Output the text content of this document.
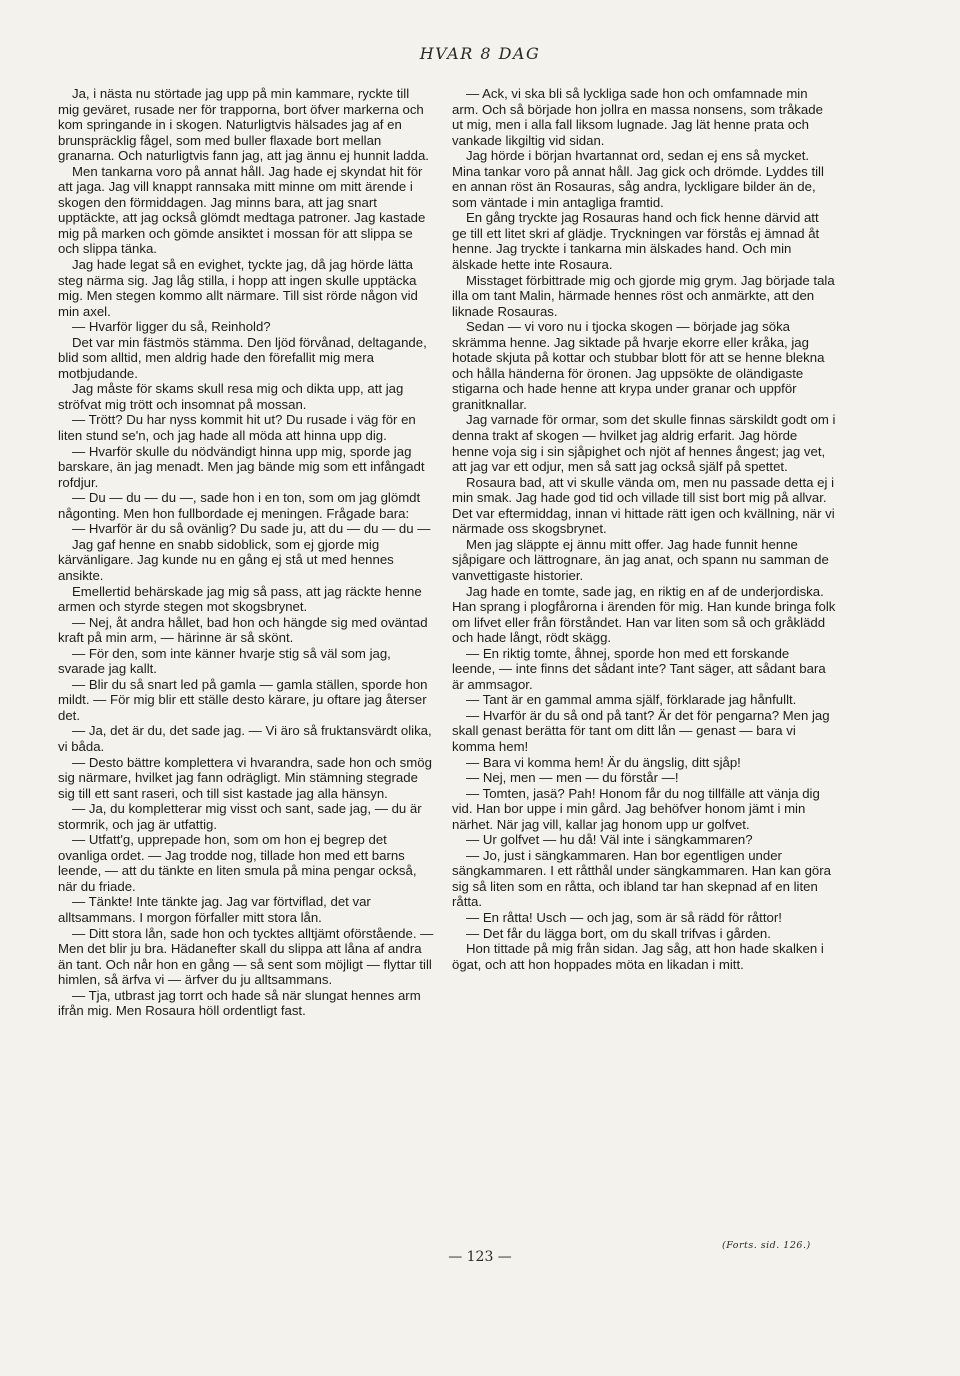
HVAR 8 DAG

Ja, i nästa nu störtade jag upp på min kammare, ryckte till mig geväret, rusade ner för trapporna, bort öfver markerna och kom springande in i skogen. Naturligtvis hälsades jag af en brunspräcklig fågel, som med buller flaxade bort mellan granarna. Och naturligtvis fann jag, att jag ännu ej hunnit ladda.

Men tankarna voro på annat håll. Jag hade ej skyndat hit för att jaga. Jag vill knappt rannsaka mitt minne om mitt ärende i skogen den förmiddagen. Jag minns bara, att jag snart upptäckte, att jag också glömdt medtaga patroner. Jag kastade mig på marken och gömde ansiktet i mossan för att slippa se och slippa tänka.

Jag hade legat så en evighet, tyckte jag, då jag hörde lätta steg närma sig. Jag låg stilla, i hopp att ingen skulle upptäcka mig. Men stegen kommo allt närmare. Till sist rörde någon vid min axel.

— Hvarför ligger du så, Reinhold?

Det var min fästmös stämma. Den ljöd förvånad, deltagande, blid som alltid, men aldrig hade den förefallit mig mera motbjudande.

Jag måste för skams skull resa mig och dikta upp, att jag ströfvat mig trött och insomnat på mossan.

— Trött? Du har nyss kommit hit ut? Du rusade i väg för en liten stund se'n, och jag hade all möda att hinna upp dig.

— Hvarför skulle du nödvändigt hinna upp mig, sporde jag barskare, än jag menadt. Men jag bände mig som ett infångadt rofdjur.

— Du — du — du —, sade hon i en ton, som om jag glömdt någonting. Men hon fullbordade ej meningen. Frågade bara:

— Hvarför är du så ovänlig? Du sade ju, att du — du — du —

Jag gaf henne en snabb sidoblick, som ej gjorde mig kärvänligare. Jag kunde nu en gång ej stå ut med hennes ansikte.

Emellertid behärskade jag mig så pass, att jag räckte henne armen och styrde stegen mot skogsbrynet.

— Nej, åt andra hållet, bad hon och hängde sig med oväntad kraft på min arm, — härinne är så skönt.

— För den, som inte känner hvarje stig så väl som jag, svarade jag kallt.

— Blir du så snart led på gamla — gamla ställen, sporde hon mildt. — För mig blir ett ställe desto kärare, ju oftare jag återser det.

— Ja, det är du, det sade jag. — Vi äro så fruktansvärdt olika, vi båda.

— Desto bättre komplettera vi hvarandra, sade hon och smög sig närmare, hvilket jag fann odrägligt. Min stämning stegrade sig till ett sant raseri, och till sist kastade jag alla hänsyn.

— Ja, du kompletterar mig visst och sant, sade jag, — du är stormrik, och jag är utfattig.

— Utfatt'g, upprepade hon, som om hon ej begrep det ovanliga ordet. — Jag trodde nog, tillade hon med ett barns leende, — att du tänkte en liten smula på mina pengar också, när du friade.

— Tänkte! Inte tänkte jag. Jag var förtviflad, det var alltsammans. I morgon förfaller mitt stora lån.

— Ditt stora lån, sade hon och tycktes alltjämt oförstående. — Men det blir ju bra. Hädanefter skall du slippa att låna af andra än tant. Och når hon en gång — så sent som möjligt — flyttar till himlen, så ärfva vi — ärfver du ju alltsammans.

— Tja, utbrast jag torrt och hade så när slungat hennes arm ifrån mig. Men Rosaura höll ordentligt fast.

— Ack, vi ska bli så lyckliga sade hon och omfamnade min arm. Och så började hon jollra en massa nonsens, som tråkade ut mig, men i alla fall liksom lugnade. Jag lät henne prata och vankade likgiltig vid sidan.

Jag hörde i början hvartannat ord, sedan ej ens så mycket. Mina tankar voro på annat håll. Jag gick och drömde. Lyddes till en annan röst än Rosauras, såg andra, lyckligare bilder än de, som väntade i min antagliga framtid.

En gång tryckte jag Rosauras hand och fick henne därvid att ge till ett litet skri af glädje. Tryckningen var förstås ej ämnad åt henne. Jag tryckte i tankarna min älskades hand. Och min älskade hette inte Rosaura.

Misstaget förbittrade mig och gjorde mig grym. Jag började tala illa om tant Malin, härmade hennes röst och anmärkte, att den liknade Rosauras.

Sedan — vi voro nu i tjocka skogen — började jag söka skrämma henne. Jag siktade på hvarje ekorre eller kråka, jag hotade skjuta på kottar och stubbar blott för att se henne blekna och hålla händerna för öronen. Jag uppsökte de oländigaste stigarna och hade henne att krypa under granar och uppför granitknallar.

Jag varnade för ormar, som det skulle finnas särskildt godt om i denna trakt af skogen — hvilket jag aldrig erfarit. Jag hörde henne voja sig i sin sjåpighet och njöt af hennes ångest; jag vet, att jag var ett odjur, men så satt jag också själf på spettet.

Rosaura bad, att vi skulle vända om, men nu passade detta ej i min smak. Jag hade god tid och villade till sist bort mig på allvar. Det var eftermiddag, innan vi hittade rätt igen och kvällning, när vi närmade oss skogsbrynet.

Men jag släppte ej ännu mitt offer. Jag hade funnit henne sjåpigare och lättrognare, än jag anat, och spann nu samman de vanvettigaste historier.

Jag hade en tomte, sade jag, en riktig en af de underjordiska. Han sprang i plogfårorna i ärenden för mig. Han kunde bringa folk om lifvet eller från förståndet. Han var liten som så och gråklädd och hade långt, rödt skägg.

— En riktig tomte, åhnej, sporde hon med ett forskande leende, — inte finns det sådant inte? Tant säger, att sådant bara är ammsagor.

— Tant är en gammal amma själf, förklarade jag hånfullt.

— Hvarför är du så ond på tant? Är det för pengarna? Men jag skall genast berätta för tant om ditt lån — genast — bara vi komma hem!

— Bara vi komma hem! Är du ängslig, ditt sjåp!

— Nej, men — men — du förstår —!

— Tomten, jasä? Pah! Honom får du nog tillfälle att vänja dig vid. Han bor uppe i min gård. Jag behöfver honom jämt i min närhet. När jag vill, kallar jag honom upp ur golfvet.

— Ur golfvet — hu då! Väl inte i sängkammaren?

— Jo, just i sängkammaren. Han bor egentligen under sängkammaren. I ett råtthål under sängkammaren. Han kan göra sig så liten som en råtta, och ibland tar han skepnad af en liten råtta.

— En råtta! Usch — och jag, som är så rädd för råttor!

— Det får du lägga bort, om du skall trifvas i gården.

Hon tittade på mig från sidan. Jag såg, att hon hade skalken i ögat, och att hon hoppades möta en likadan i mitt.

(Forts. sid. 126.)
— 123 —
